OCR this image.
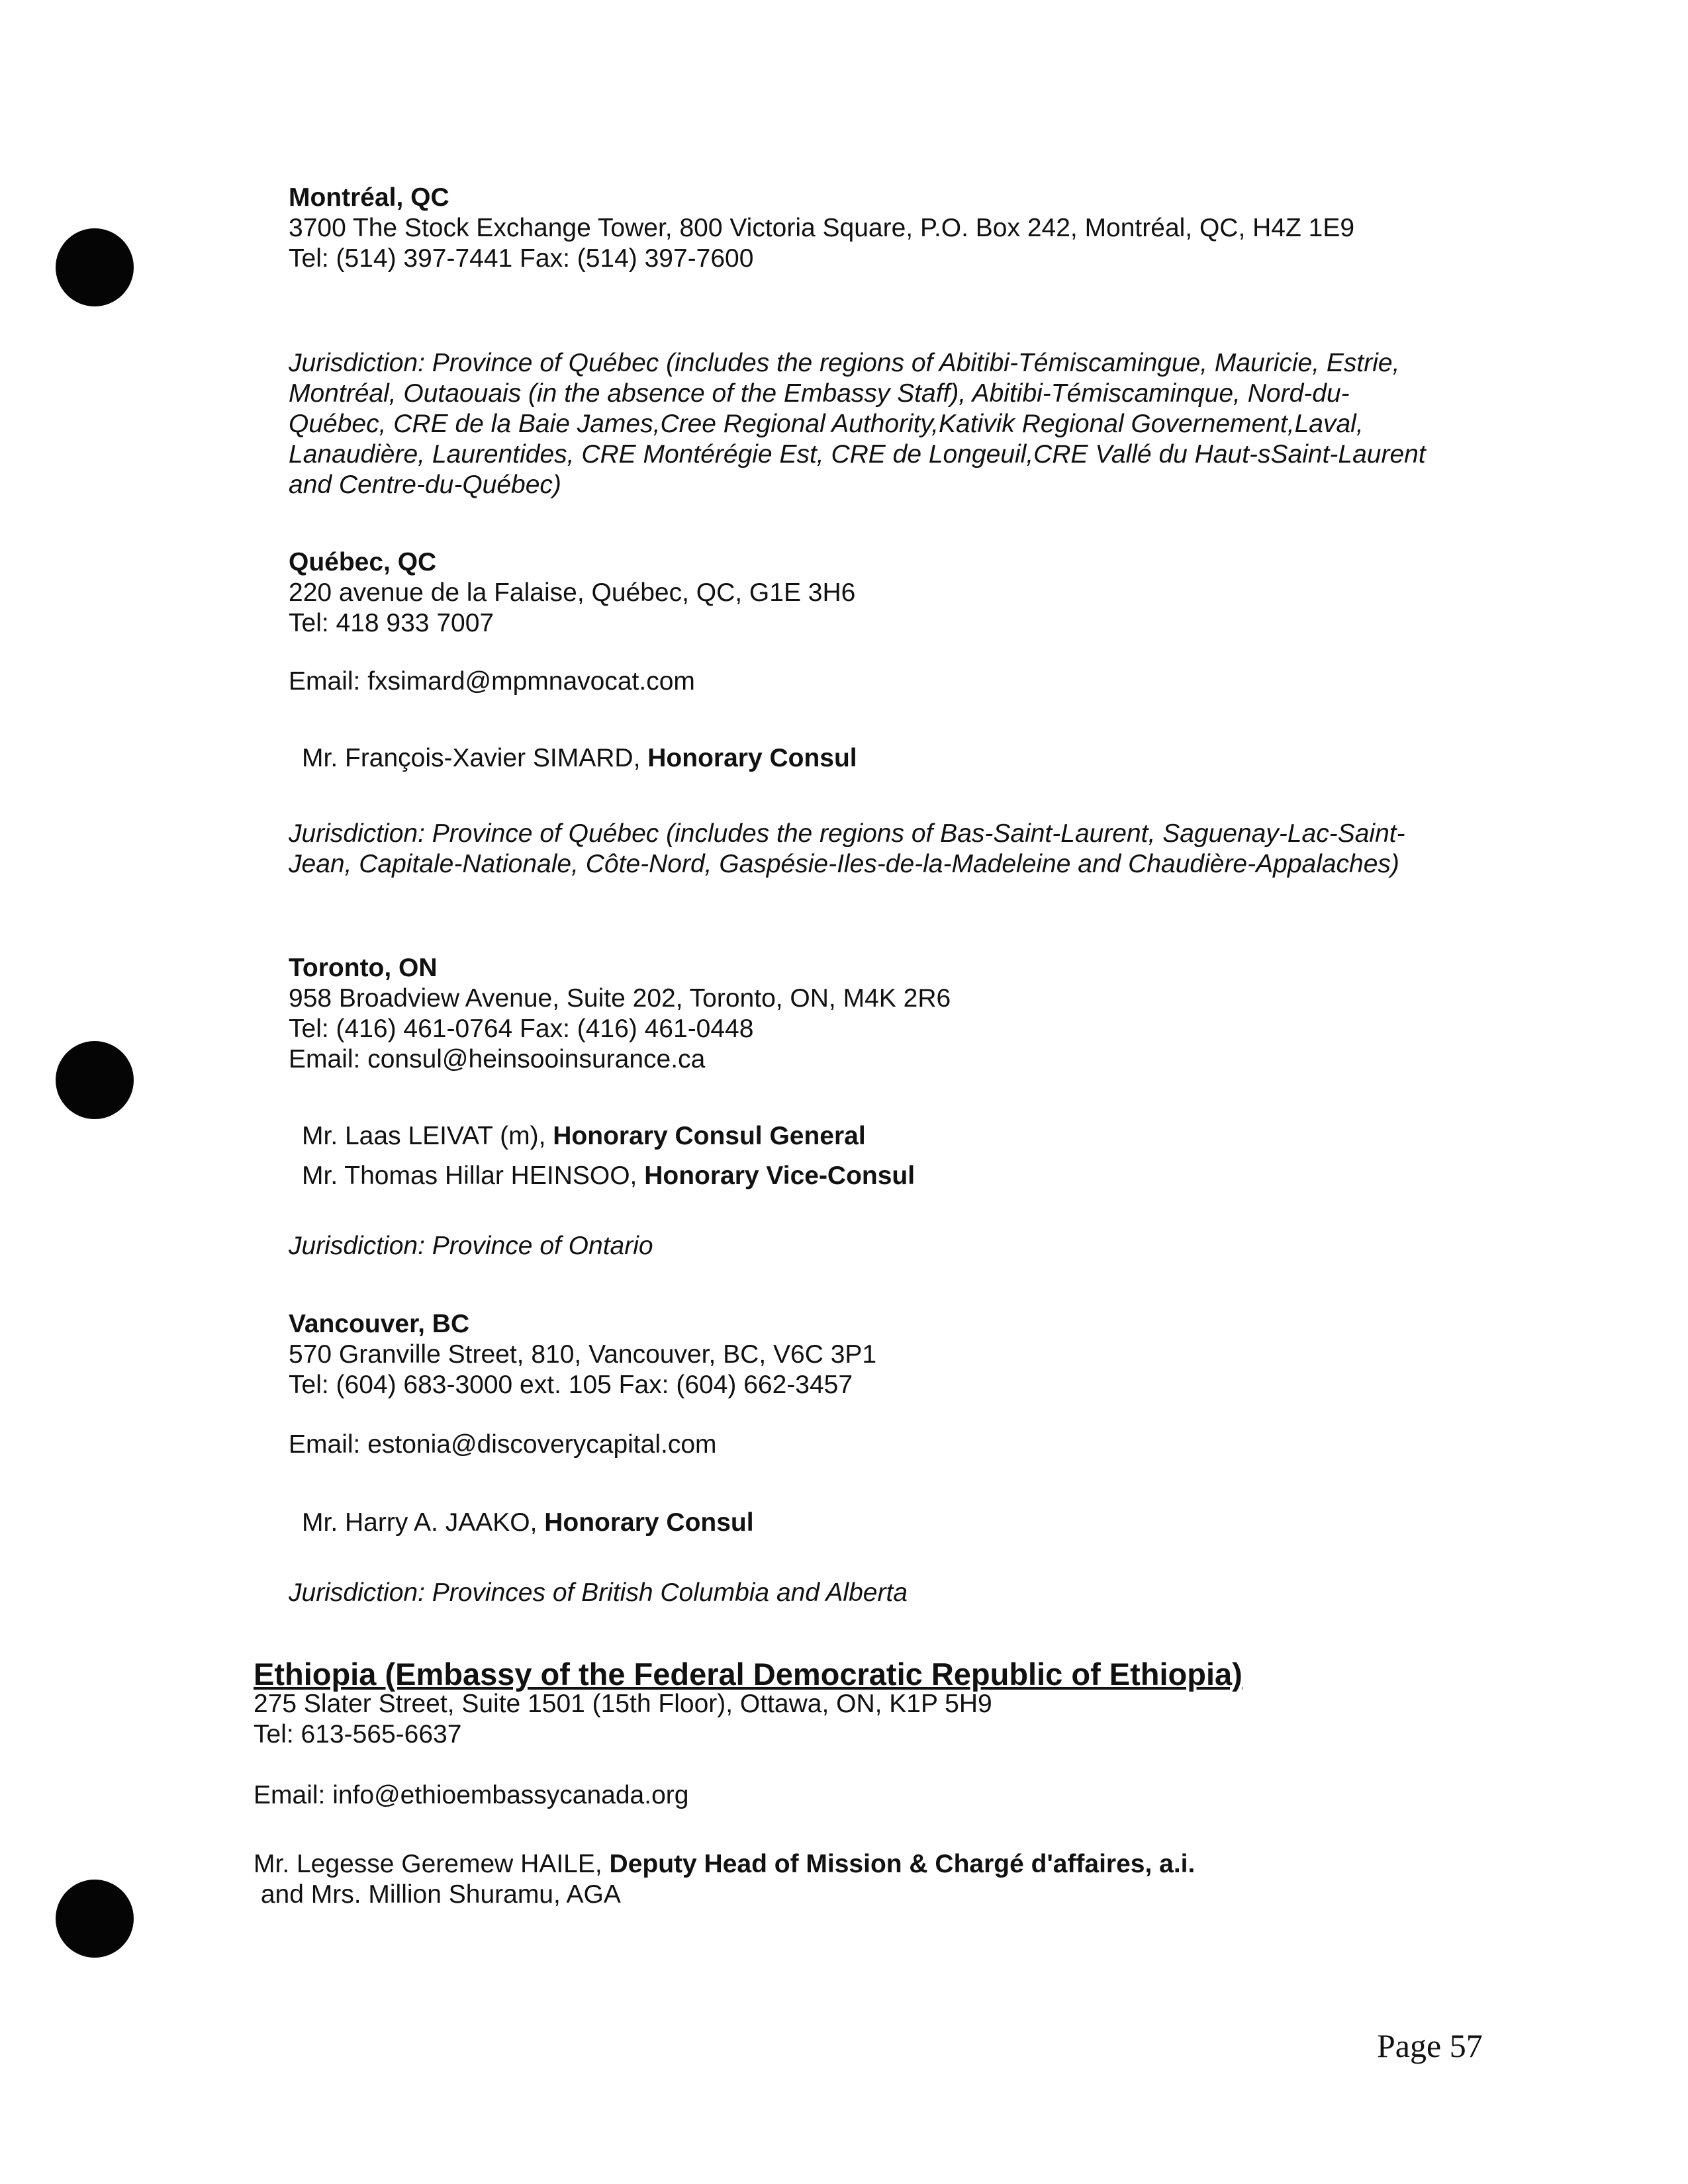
Montréal, QC
3700 The Stock Exchange Tower, 800 Victoria Square, P.O. Box 242, Montréal, QC, H4Z 1E9
Tel: (514) 397-7441 Fax: (514) 397-7600
Jurisdiction: Province of Québec (includes the regions of Abitibi-Témiscamingue, Mauricie, Estrie, Montréal, Outaouais (in the absence of the Embassy Staff), Abitibi-Témiscaminque, Nord-du-Québec, CRE de la Baie James,Cree Regional Authority,Kativik Regional Governement,Laval, Lanaudière, Laurentides, CRE Montérégie Est, CRE de Longeuil,CRE Vallé du Haut-sSaint-Laurent and Centre-du-Québec)
Québec, QC
220 avenue de la Falaise, Québec, QC, G1E 3H6
Tel: 418 933 7007
Email: fxsimard@mpmnavocat.com
Mr. François-Xavier SIMARD, Honorary Consul
Jurisdiction: Province of Québec (includes the regions of Bas-Saint-Laurent, Saguenay-Lac-Saint-Jean, Capitale-Nationale, Côte-Nord, Gaspésie-Iles-de-la-Madeleine and Chaudière-Appalaches)
Toronto, ON
958 Broadview Avenue, Suite 202, Toronto, ON, M4K 2R6
Tel: (416) 461-0764 Fax: (416) 461-0448
Email: consul@heinsooinsurance.ca
Mr. Laas LEIVAT (m), Honorary Consul General
Mr. Thomas Hillar HEINSOO, Honorary Vice-Consul
Jurisdiction: Province of Ontario
Vancouver, BC
570 Granville Street, 810, Vancouver, BC, V6C 3P1
Tel: (604) 683-3000 ext. 105 Fax: (604) 662-3457
Email: estonia@discoverycapital.com
Mr. Harry A. JAAKO, Honorary Consul
Jurisdiction: Provinces of British Columbia and Alberta
Ethiopia (Embassy of the Federal Democratic Republic of Ethiopia)
275 Slater Street, Suite 1501 (15th Floor), Ottawa, ON, K1P 5H9
Tel: 613-565-6637
Email: info@ethioembassycanada.org
Mr. Legesse Geremew HAILE, Deputy Head of Mission & Chargé d'affaires, a.i.
and Mrs. Million Shuramu, AGA
Page 57
